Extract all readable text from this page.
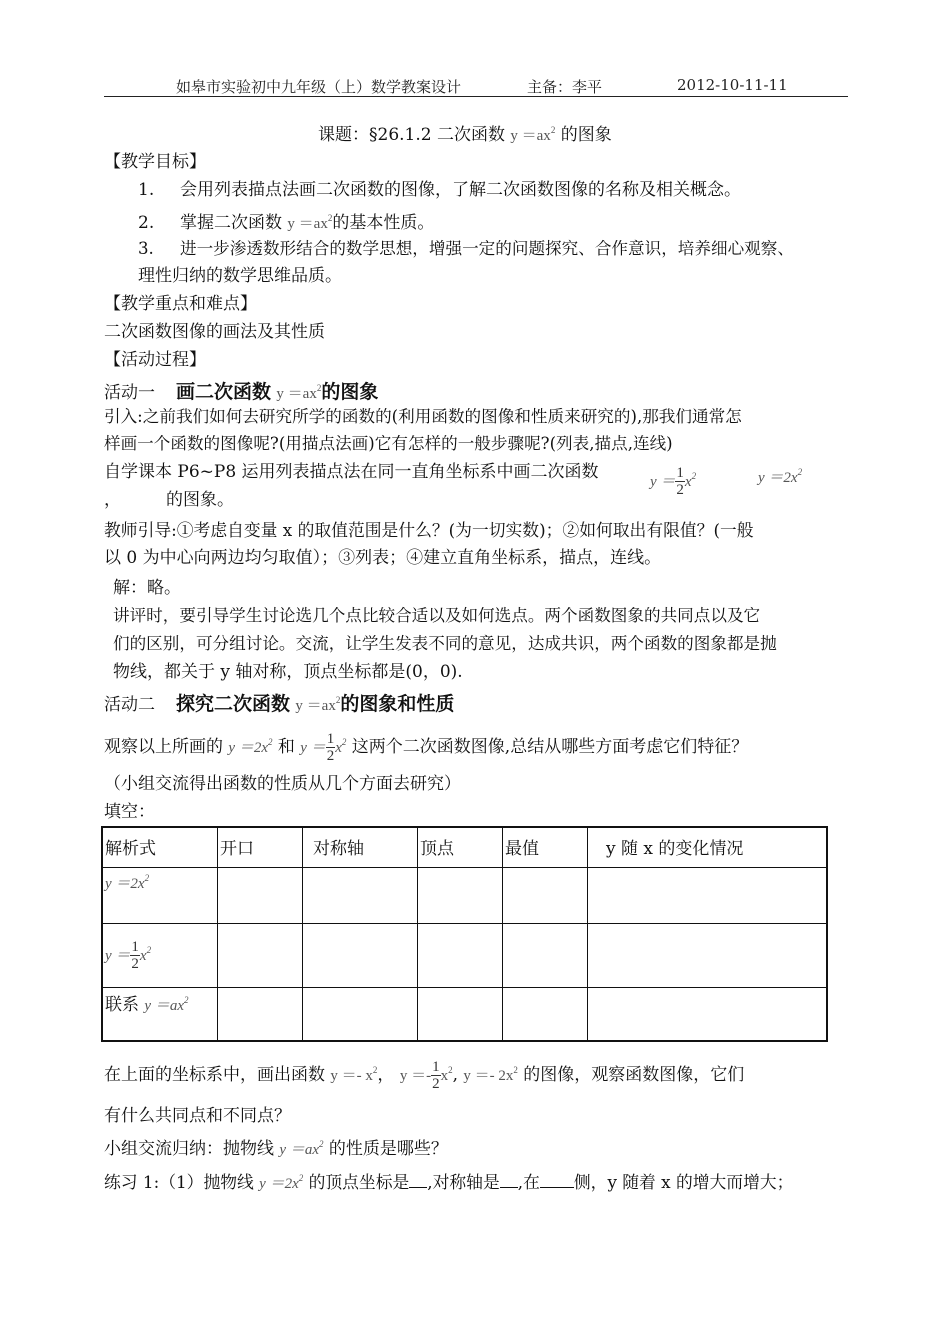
如皋市实验初中九年级（上）数学教案设计	主备：李平	2012-10-11-11
课题：§26.1.2 二次函数 $y =ax^2$ 的图象
【教学目标】
1. 会用列表描点法画二次函数的图像，了解二次函数图像的名称及相关概念。
2. 掌握二次函数 $y =ax^2$的基本性质。
3. 进一步渗透数形结合的数学思想，增强一定的问题探究、合作意识，培养细心观察、
理性归纳的数学思维品质。
【教学重点和难点】
二次函数图像的画法及其性质
【活动过程】
活动一 画二次函数 $y =ax^2$的图象
引入:之前我们如何去研究所学的函数的(利用函数的图像和性质来研究的),那我们通常怎
样画一个函数的图像呢?(用描点法画)它有怎样的一般步骤呢?(列表,描点,连线)
自学课本 P6~P8 运用列表描点法在同一直角坐标系中画二次函数	$y = \frac{1}{2} x^2$	$y =2x^2$
，	的图象。
教师引导:①考虑自变量 x 的取值范围是什么？(为一切实数)；②如何取出有限值？(一般
以 0 为中心向两边均匀取值）；③列表；④建立直角坐标系，描点，连线。
解：略。
讲评时，要引导学生讨论选几个点比较合适以及如何选点。两个函数图象的共同点以及它
们的区别，可分组讨论。交流，让学生发表不同的意见，达成共识，两个函数的图象都是抛
物线，都关于 y 轴对称，顶点坐标都是(0，0).
活动二 探究二次函数 $y =ax^2$的图象和性质
观察以上所画的 $y =2x^2$ 和 $y = \frac{1}{2} x^2$ 这两个二次函数图像,总结从哪些方面考虑它们特征？
（小组交流得出函数的性质从几个方面去研究）
填空：
解析式	开口	对称轴	顶点	最值	y 随 x 的变化情况
$y =2x^2$					
$y = \frac{1}{2} x^2$					
联系 $y =ax^2$					
在上面的坐标系中，画出函数 $y =- x^2$， $y =- \frac{1}{2} x^2$, $y =- 2x^2$ 的图像，观察函数图像，它们
有什么共同点和不同点？
小组交流归纳：抛物线 $y =ax^2$ 的性质是哪些？
练习 1:（1）抛物线 $y =2x^2$ 的顶点坐标是 ,对称轴是 ,在 侧，y 随着 x 的增大而增大；
